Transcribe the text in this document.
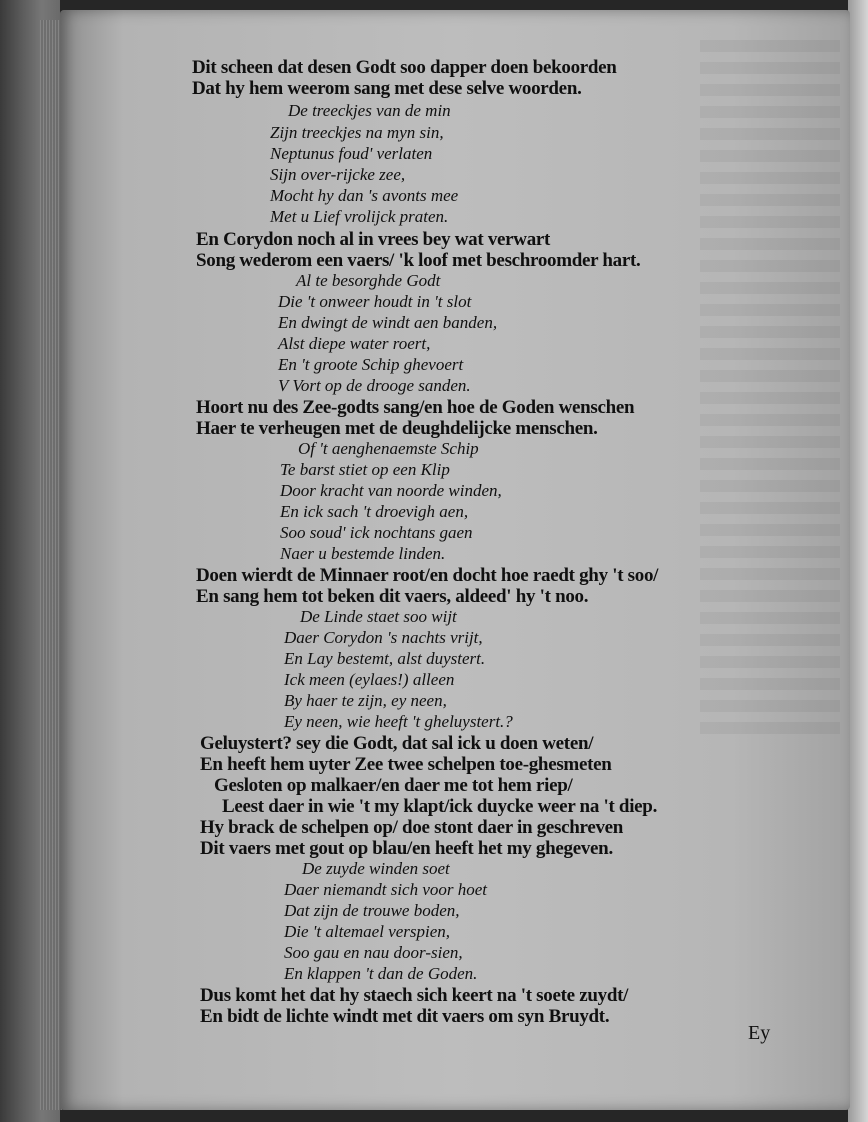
Dit scheen dat desen Godt soo dapper doen bekoorden
Dat hy hem weerom sang met dese selve woorden.
De treeckjes van de min
Zijn treeckjes na myn sin,
Neptunus foud' verlaten
Sijn over-rijcke zee,
Mocht hy dan 's avonts mee
Met u Lief vrolijck praten.
En Corydon noch al in vrees bey wat verwart
Song wederom een vaers/ 'k loof met beschroomder hart.
Al te besorghde Godt
Die 't onweer houdt in 't slot
En dwingt de windt aen banden,
Alst diepe water roert,
En 't groote Schip ghevoert
V Vort op de drooge sanden.
Hoort nu des Zee-godts sang/en hoe de Goden wenschen
Haer te verheugen met de deughdelijcke menschen.
Of 't aenghenaemste Schip
Te barst stiet op een Klip
Door kracht van noorde winden,
En ick sach 't droevigh aen,
Soo soud' ick nochtans gaen
Naer u bestemde linden.
Doen wierdt de Minnaer root/en docht hoe raedt ghy 't soo/
En sang hem tot beken dit vaers, aldeed' hy 't noo.
De Linde staet soo wijt
Daer Corydon 's nachts vrijt,
En Lay bestemt, alst duystert.
Ick meen (eylaes!) alleen
By haer te zijn, ey neen,
Ey neen, wie heeft 't gheluystert.?
Geluystert? sey die Godt, dat sal ick u doen weten/
En heeft hem uyter Zee twee schelpen toe-ghesmeten
Gesloten op malkaer/en daer me tot hem riep/
Leest daer in wie 't my klapt/ick duycke weer na 't diep.
Hy brack de schelpen op/ doe stont daer in geschreven
Dit vaers met gout op blau/en heeft het my ghegeven.
De zuyde winden soet
Daer niemandt sich voor hoet
Dat zijn de trouwe boden,
Die 't altemael verspien,
Soo gau en nau door-sien,
En klappen 't dan de Goden.
Dus komt het dat hy staech sich keert na 't soete zuydt/
En bidt de lichte windt met dit vaers om syn Bruydt.
Ey
